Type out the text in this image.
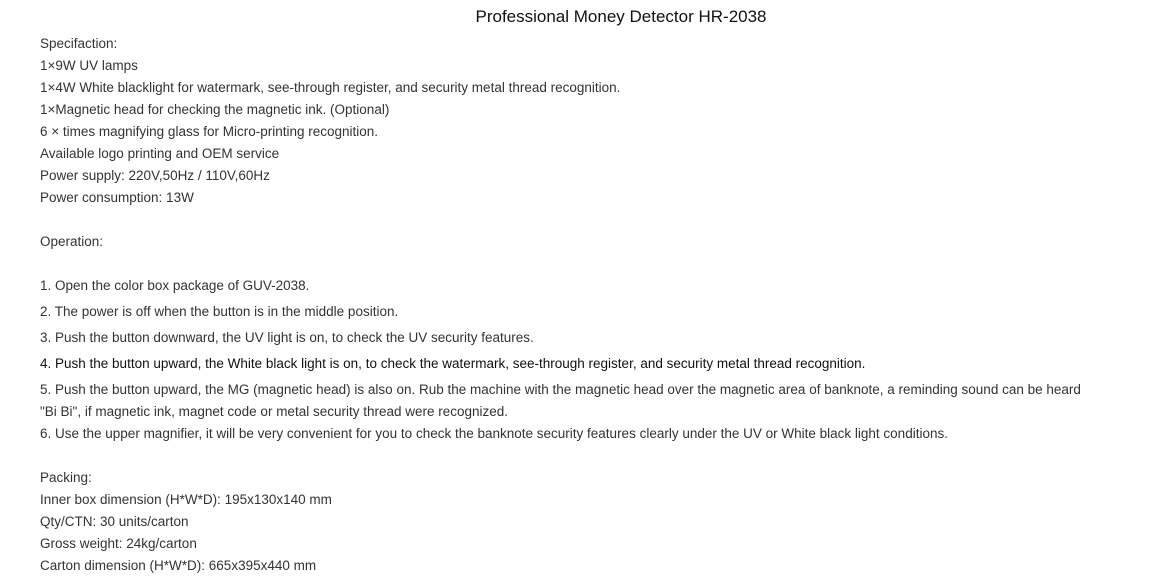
Professional Money Detector HR-2038
Specifaction:
1×9W UV lamps
1×4W White blacklight for watermark, see-through register, and security metal thread recognition.
1×Magnetic head for checking the magnetic ink. (Optional)
6 × times magnifying glass for Micro-printing recognition.
Available logo printing and OEM service
Power supply: 220V,50Hz / 110V,60Hz
Power consumption: 13W
Operation:
1. Open the color box package of GUV-2038.
2. The power is off when the button is in the middle position.
3. Push the button downward, the UV light is on, to check the UV security features.
4. Push the button upward, the White black light is on, to check the watermark, see-through register, and security metal thread recognition.
5. Push the button upward, the MG (magnetic head) is also on. Rub the machine with the magnetic head over the magnetic area of banknote, a reminding sound can be heard
"Bi Bi", if magnetic ink, magnet code or metal security thread were recognized.
6. Use the upper magnifier, it will be very convenient for you to check the banknote security features clearly under the UV or White black light conditions.
Packing:
Inner box dimension (H*W*D): 195x130x140 mm
Qty/CTN: 30 units/carton
Gross weight: 24kg/carton
Carton dimension (H*W*D): 665x395x440 mm
